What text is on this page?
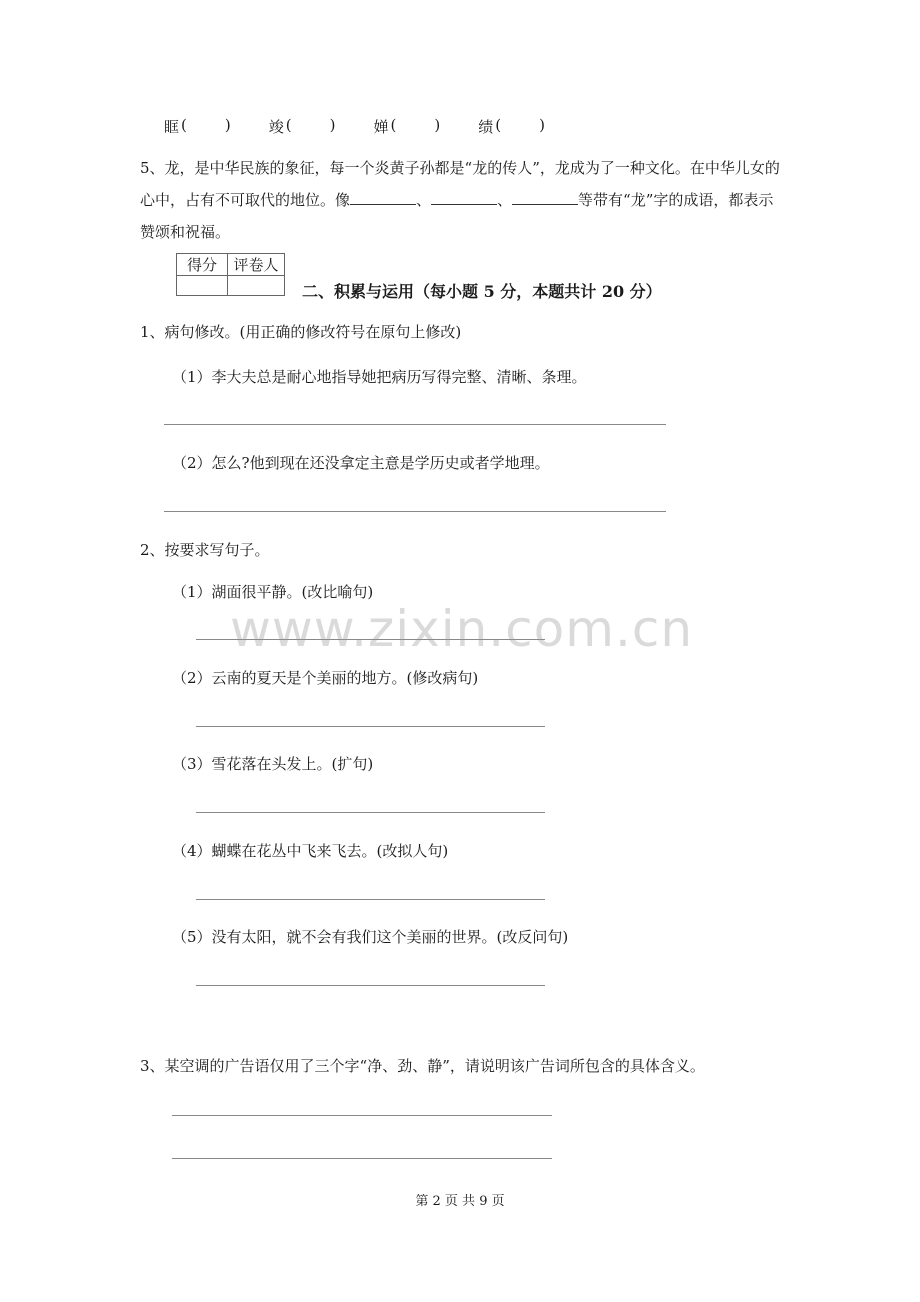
眶 (	)	竣 (	)	婵 (	)	绩 (	)
5、龙，是中华民族的象征，每一个炎黄子孙都是“龙的传人”，龙成为了一种文化。在中华儿女的心中，占有不可取代的地位。像	、	、	等带有“龙”字的成语，都表示赞颂和祝福。
得分	评卷人

二、积累与运用（每小题 5 分，本题共计 20 分）
1、病句修改。(用正确的修改符号在原句上修改)
（1）李大夫总是耐心地指导她把病历写得完整、清晰、条理。
（2）怎么?他到现在还没拿定主意是学历史或者学地理。
2、按要求写句子。
（1）湖面很平静。(改比喻句)
（2）云南的夏天是个美丽的地方。(修改病句)
（3）雪花落在头发上。(扩句)
（4）蝴蝶在花丛中飞来飞去。(改拟人句)
（5）没有太阳，就不会有我们这个美丽的世界。(改反问句)
3、某空调的广告语仅用了三个字“净、劲、静”，请说明该广告词所包含的具体含义。
www.zixin.com.cn
第 2 页 共 9 页
